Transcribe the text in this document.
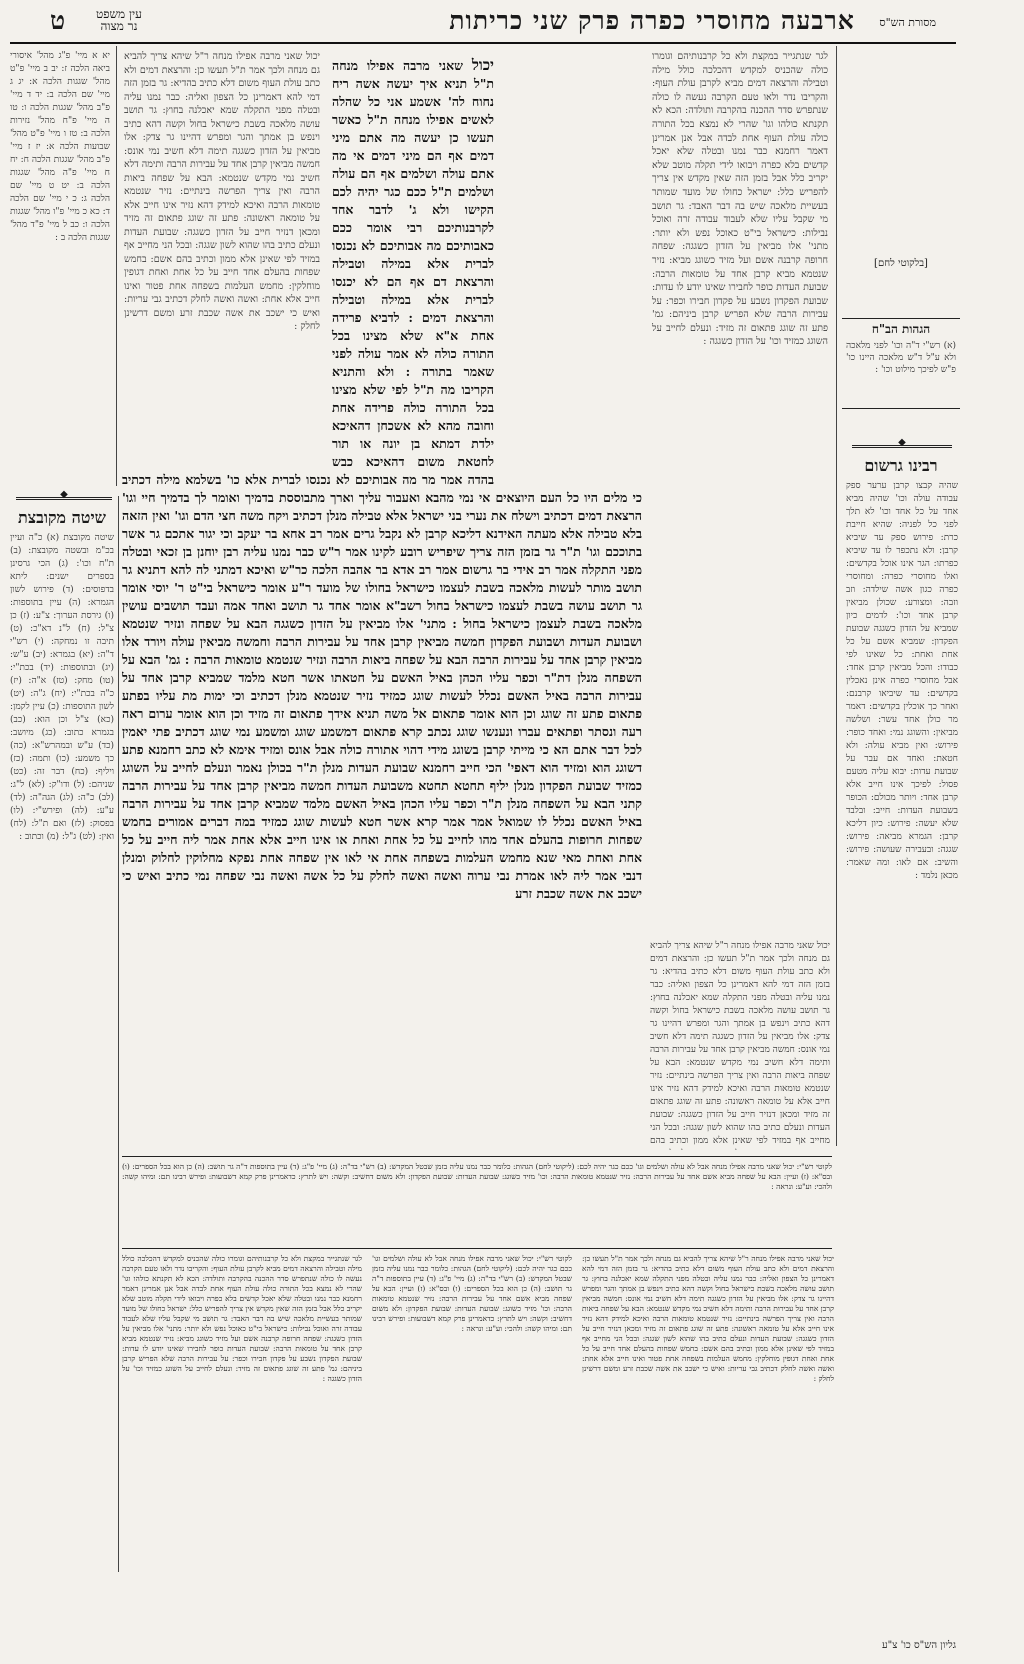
ארבעה מחוסרי כפרה פרק שני כריתות
ט	עין משפט
נר מצוה	מסורת הש"ס
יא א מיי' פ"ג מהל' איסורי ביאה הלכה ז: יב ב מיי' פ"ט מהל' שגגות הלכה א: יג ג מיי' שם הלכה ב: יד ד מיי' פ"ב מהל' שגגות הלכה ו: טו ה מיי' פ"ח מהל' נזירות הלכה ב: טז ו מיי' פ"ט מהל' שבועות הלכה א: יז ז מיי' פ"ב מהל' שגגות הלכה ח: יח ח מיי' פ"ה מהל' שגגות הלכה ב: יט ט מיי' שם הלכה ג: כ י מיי' שם הלכה ד: כא כ מיי' פ"ו מהל' שגגות הלכה ו: כב ל מיי' פ"ד מהל' שגגות הלכה ב :
◆
שיטה מקובצת
שיטה מקובצת (א) כ"ה ועיין בכ"מ ובשטה מקובצת: (ב) ת"ח וכו': (ג) הכי גרסינן בספרים ישנים: ליתא בדפוסים: (ד) פירוש לשון הגמרא: (ה) עיין בתוספות: (ו) גירסת הערוך: צ"ע: (ז) כן צ"ל: (ח) ל"נ דא"כ: (ט) תיבה זו נמחקה: (י) רש"י ד"ה: (יא) בגמרא: (יב) ע"ש: (יג) ובתוספות: (יד) בכת"י: (טו) מחק: (טז) א"ה: (יז) כ"ה בכת"י: (יח) ג"ה: (יט) לשון התוספות: (כ) עיין לקמן: (כא) צ"ל וכן הוא: (כב) בגמרא כתוב: (כג) מיושב: (כד) ע"ש ובמהרש"א: (כה) כך משמע: (כו) ותמה: (כז) ויליף: (כח) דבר זה: (כט) שניהם: (ל) ודו"ק: (לא) ל"ג: (לב) כ"ה: (לג) הגה"ה: (לד) ע"ע: (לה) ופירש"י: (לו) בפסוק: (לז) ואם ת"ל: (לח) ואין: (לט) ג"ל: (מ) וכתוב :
יכול שאני מרבה אפילו מנחה ר"ל שיהא צריך להביא גם מנחה ולכך אמר ת"ל תעשו כן: והרצאת דמים ולא כתב עולת העוף משום דלא כתיב בהדיא: גר בזמן הזה דמי להא דאמרינן כל הצפון ואליה: כבר נמנו עליה ובטלה מפני התקלה שמא יאכלנה בחוץ: גר תושב עושה מלאכה בשבת כישראל בחול וקשה דהא כתיב וינפש בן אמתך והגר ומפרש דהיינו גר צדק: אלו מביאין על הזדון כשגגה תימה דלא חשיב נמי אונס: חמשה מביאין קרבן אחד על עבירות הרבה ותימה דלא חשיב נמי מקדש שנטמא: הבא על שפחה ביאות הרבה ואין צריך הפרשה בינתיים: נזיר שנטמא טומאות הרבה ואיכא למידק דהא נזיר אינו חייב אלא על טומאה ראשונה: פתע זה שוגג פתאום זה מזיד ומכאן דנזיר חייב על הזדון כשגגה: שבועת העדות ונעלם כתיב בהו שהוא לשון שגגה: ובכל הני מחייב אף במזיד לפי שאינן אלא ממון וכתיב בהם אשם: בחמש שפחות בהעלם אחד חייב על כל אחת ואחת דגופין מוחלקין: מחמש העלמות בשפחה אחת פטור ואינו חייב אלא אחת: ואשה ואשה לחלק דכתיב גבי עריות: ואיש כי ישכב את אשה שכבת זרע ומשם דרשינן לחלק :

יכול שאני מרבה אפילו מנחה ת"ל תניא איך יעשה אשה ריח נחוח לה' אשמע אני כל שהלה לאשים אפילו מנחה ת"ל כאשר תעשו כן יעשה מה אתם מיני דמים אף הם מיני דמים אי מה אתם עולה ושלמים אף הם עולה ושלמים ת"ל ככם כגר יהיה לכם הקישו ולא ג' לדבר אחד לקרבנותיכם רבי אומר ככם כאבותיכם מה אבותיכם לא נכנסו לברית אלא במילה וטבילה והרצאת דם אף הם לא יכנסו לברית אלא במילה וטבילה והרצאת דמים : לדביא פרידה אחת א"א שלא מצינו בכל התורה כולה לא אמר עולה לפני שאמר בתורה : ולא והתניא הקריבו מה ת"ל לפי שלא מצינו בכל התורה כולה פרידה אחת וחובה מהא לא אשכחן דהאיכא ילדת דמתא בן יונה או תור לחטאת משום דהאיכא כבש בהדה אמר מר מה אבותיכם לא נכנסו לברית אלא כו' בשלמא מילה דכתיב כי מלים היו כל העם היוצאים אי נמי מהבא ואעבור עליך וארך מתבוססת בדמיך ואומר לך בדמיך חיי וגו' הרצאת דמים דכתיב וישלח את נערי בני ישראל אלא טבילה מנלן דכתיב ויקח משה חצי הדם וגו' ואין הזאה בלא טבילה אלא מעתה האידנא דליכא קרבן לא נקבל גרים אמר רב אחא בר יעקב וכי יגור אתכם גר אשר בתוככם וגו' ת"ר גר בזמן הזה צריך שיפריש רובע לקינו אמר ר"ש כבר נמנו עליה רבן יוחנן בן זכאי ובטלה מפני התקלה אמר רב אידי בר גרשום אמר רב אדא בר אהבה הלכה כר"ש ואיכא דמתני לה להא דתניא גר תושב מותר לעשות מלאכה בשבת לעצמו כישראל בחולו של מועד ר"ע אומר כישראל בי"ט ר' יוסי אומר גר תושב עושה בשבת לעצמו כישראל בחול רשב"א אומר אחד גר תושב ואחד אמה ועבד תושבים עושין מלאכה בשבת לעצמן כישראל בחול : מתני' אלו מביאין על הזדון כשגגה הבא על שפחה ונזיר שנטמא ושבועת העדות ושבועת הפקדון חמשה מביאין קרבן אחד על עבירות הרבה וחמשה מביאין עולה ויורד אלו מביאין קרבן אחד על עבירות הרבה הבא על שפחה ביאות הרבה ונזיר שנטמא טומאות הרבה : גמ' הבא על השפחה מנלן דת"ר וכפר עליו הכהן באיל האשם על חטאתו אשר חטא מלמד שמביא קרבן אחד על עבירות הרבה באיל האשם נכלל לעשות שוגג כמזיד נזיר שנטמא מנלן דכתיב וכי ימות מת עליו בפתע פתאום פתע זה שוגג וכן הוא אומר פתאום אל משה תניא אידך פתאום זה מזיד וכן הוא אומר ערום ראה רעה ונסתר ופתאים עברו ונענשו שוגג נכתב קרא פתאום דמשמע שוגג ומשמע נמי שוגג דכתיב פתי יאמין לכל דבר אתם הא כי מייתי קרבן בשוגג מידי דהוי אתורה כולה אבל אונס ומזיד אימא לא כתב רחמנא פתע דשוגג הוא ומזיד הוא דאפי' הכי חייב רחמנא שבועת העדות מנלן ת"ר בכולן נאמר ונעלם לחייב על השוגג כמזיד שבועת הפקדון מנלן יליף תחטא תחטא משבועת העדות חמשה מביאין קרבן אחד על עבירות הרבה קתני הבא על השפחה מנלן ת"ר וכפר עליו הכהן באיל האשם מלמד שמביא קרבן אחד על עבירות הרבה באיל האשם נכלל לו שמואל אמר אמר קרא אשר חטא לעשות שוגג כמזיד במה דברים אמורים בחמש שפחות חרופות בהעלם אחד מהו לחייב על כל אחת ואחת או אינו חייב אלא אחת אמר ליה חייב על כל אחת ואחת מאי שנא מחמש העלמות בשפחה אחת אי לאו אין שפחה אחת נפקא מחלוקין לחלוק ומנלן דנבי אמר ליה לאו אמרת נבי ערוה ואשה ואשה לחלק על כל אשה ואשה נבי שפחה נמי כתיב ואיש כי ישכב את אשה שכבת זרע

לגר שנתגייר במקצת ולא כל קרבנותיהם וגומרו כולה שהכניס למקדש דהכלכה כולל מילה וטבילה והרצאה דמים מביא לקרבן עולת העוף: והקריבו נדר ולאו טעם הקרבה נעשה לו כולה שנתפרש סדר ההכנה בהקרבה ותולדה: הכא לא תקנתא כולהו וגו' שהרי לא נמצא בכל התורה כולה עולת העוף אחת לבדה אבל אנן אמרינן דאמר רחמנא כבר נמנו ובטלה שלא יאכל קדשים בלא כפרה ויבואו לידי תקלה מוטב שלא יקריב כלל אבל בזמן הזה שאין מקדש אין צריך להפריש כלל: ישראל כחולו של מועד שמותר בעשיית מלאכה שיש בה דבר האבד: גר תושב מי שקבל עליו שלא לעבוד עבודה זרה ואוכל נבילות: כישראל בי"ט כאוכל נפש ולא יותר: מתני' אלו מביאין על הזדון כשגגה: שפחה חרופה קרבנה אשם ועל מזיד כשוגג מביא: נזיר שנטמא מביא קרבן אחד על טומאות הרבה: שבועת העדות כופר לחבירו שאינו יודע לו עדות: שבועת הפקדון נשבע על פקדון חבירו וכפר: על עבירות הרבה שלא הפריש קרבן ביניהם: גמ' פתע זה שוגג פתאום זה מזיד: ונעלם לחייב על השוגג כמזיד וכו' על הזדון כשגגה :
[בלקוטי לחם]
הגהות הב"ח
(א) רש"י ד"ה וכו' לפני מלאכה ולא ע"ל ד"ש מלאכה היינו כו' פ"ש לפיכך מילוט וכו' :
◆
רבינו גרשום
שהיה קבצו קרבן ערער ספק עבודה עולה וכו' שהיה מביא אחד על כל אחד וכו' לא תלך לפני כל לפניה: שהיא חייבת כרת: פירוש ספק עד שיביא קרבן: ולא נתכפר לו עד שיביא כפרתו: הגר אינו אוכל בקדשים: ואלו מחוסרי כפרה: ומחוסרי כפרה כגון אשה שילדה: וזב וזבה: ומצורע: שכולן מביאין קרבן אחד וכו': לדמים כיון שמביא על הזדון כשגגה שבועת הפקדון: שמביא אשם על כל אחת ואחת: כל שאינו לפי כבודו: והכל מביאין קרבן אחד: אבל מחוסרי כפרה אינן נאכלין בקדשים: עד שיביאו קרבנם: ואחר כך אוכלין בקדשים: דאמר מר כולן אחד עשר: ושלשה מביאין: והשוגג נמי: ואחד כופר: פירוש: ואין מביא עולה: ולא חטאת: ואחד אם עבר על שבועת עדות: יבוא עליה מטעם פסול: לפיכך אינו חייב אלא קרבן אחד: ויותר מכולם: הכופר בשבועת העדות: חייב: ובלבד שלא יעשה: פירוש: כיון דליכא קרבן: הגמרא מביאה: פירוש: שגגה: ובעבירה שעושה: פירוש: והשיב: אם לאו: ומה שאמר: מכאן נלמד :
יכול שאני מרבה אפילו מנחה ר"ל שיהא צריך להביא גם מנחה ולכך אמר ת"ל תעשו כן: והרצאת דמים ולא כתב עולת העוף משום דלא כתיב בהדיא: גר בזמן הזה דמי להא דאמרינן כל הצפון ואליה: כבר נמנו עליה ובטלה מפני התקלה שמא יאכלנה בחוץ: גר תושב עושה מלאכה בשבת כישראל בחול וקשה דהא כתיב וינפש בן אמתך והגר ומפרש דהיינו גר צדק: אלו מביאין על הזדון כשגגה תימה דלא חשיב נמי אונס: חמשה מביאין קרבן אחד על עבירות הרבה ותימה דלא חשיב נמי מקדש שנטמא: הבא על שפחה ביאות הרבה ואין צריך הפרשה בינתיים: נזיר שנטמא טומאות הרבה ואיכא למידק דהא נזיר אינו חייב אלא על טומאה ראשונה: פתע זה שוגג פתאום זה מזיד ומכאן דנזיר חייב על הזדון כשגגה: שבועת העדות ונעלם כתיב בהו שהוא לשון שגגה: ובכל הני מחייב אף במזיד לפי שאינן אלא ממון וכתיב בהם
לקוטי רש"י: יכול שאני מרבה אפילו מנחה אבל לא עולה ושלמים וגו' ככם כגר יהיה לכם: (ליקוטי לחם) הגהות: כלומר כבר נמנו עליה בזמן שבטל המקדש: (ב) רש"י בד"ה: (ג) מיי' פ"ג: (ד) עיין בתוספות ד"ה גר תושב: (ה) כן הוא בכל הספרים: (ו) ובס"א: (ז) ועיין: הבא על שפחה מביא אשם אחד על עבירות הרבה: נזיר שנטמא טומאות הרבה: וכו' מזיד כשוגג: שבועת העדות: שבועת הפקדון: ולא משום דחשיב: וקשה: ויש לתרץ: כדאמרינן פרק קמא דשבועות: ופירש רבינו תם: ומיהו קשה: ולהכי: וע"ע: ונראה :
לגר שנתגייר במקצת ולא כל קרבנותיהם וגומרו כולה שהכניס למקדש דהכלכה כולל מילה וטבילה והרצאה דמים מביא לקרבן עולת העוף: והקריבו נדר ולאו טעם הקרבה נעשה לו כולה שנתפרש סדר ההכנה בהקרבה ותולדה: הכא לא תקנתא כולהו וגו' שהרי לא נמצא בכל התורה כולה עולת העוף אחת לבדה אבל אנן אמרינן דאמר רחמנא כבר נמנו ובטלה שלא יאכל קדשים בלא כפרה ויבואו לידי תקלה מוטב שלא יקריב כלל אבל בזמן הזה שאין מקדש אין צריך להפריש כלל: ישראל כחולו של מועד שמותר בעשיית מלאכה שיש בה דבר האבד: גר תושב מי שקבל עליו שלא לעבוד עבודה זרה ואוכל נבילות: כישראל בי"ט כאוכל נפש ולא יותר: מתני' אלו מביאין על הזדון כשגגה: שפחה חרופה קרבנה אשם ועל מזיד כשוגג מביא: נזיר שנטמא מביא קרבן אחד על טומאות הרבה: שבועת העדות כופר לחבירו שאינו יודע לו עדות: שבועת הפקדון נשבע על פקדון חבירו וכפר: על עבירות הרבה שלא הפריש קרבן ביניהם: גמ' פתע זה שוגג פתאום זה מזיד: ונעלם לחייב על השוגג כמזיד וכו' על הזדון כשגגה :
לקוטי רש"י: יכול שאני מרבה אפילו מנחה אבל לא עולה ושלמים וגו' ככם כגר יהיה לכם: (ליקוטי לחם) הגהות: כלומר כבר נמנו עליה בזמן שבטל המקדש: (ב) רש"י בד"ה: (ג) מיי' פ"ג: (ד) עיין בתוספות ד"ה גר תושב: (ה) כן הוא בכל הספרים: (ו) ובס"א: (ז) ועיין: הבא על שפחה מביא אשם אחד על עבירות הרבה: נזיר שנטמא טומאות הרבה: וכו' מזיד כשוגג: שבועת העדות: שבועת הפקדון: ולא משום דחשיב: וקשה: ויש לתרץ: כדאמרינן פרק קמא דשבועות: ופירש רבינו תם: ומיהו קשה: ולהכי: וע"ע: ונראה :
יכול שאני מרבה אפילו מנחה ר"ל שיהא צריך להביא גם מנחה ולכך אמר ת"ל תעשו כן: והרצאת דמים ולא כתב עולת העוף משום דלא כתיב בהדיא: גר בזמן הזה דמי להא דאמרינן כל הצפון ואליה: כבר נמנו עליה ובטלה מפני התקלה שמא יאכלנה בחוץ: גר תושב עושה מלאכה בשבת כישראל בחול וקשה דהא כתיב וינפש בן אמתך והגר ומפרש דהיינו גר צדק: אלו מביאין על הזדון כשגגה תימה דלא חשיב נמי אונס: חמשה מביאין קרבן אחד על עבירות הרבה ותימה דלא חשיב נמי מקדש שנטמא: הבא על שפחה ביאות הרבה ואין צריך הפרשה בינתיים: נזיר שנטמא טומאות הרבה ואיכא למידק דהא נזיר אינו חייב אלא על טומאה ראשונה: פתע זה שוגג פתאום זה מזיד ומכאן דנזיר חייב על הזדון כשגגה: שבועת העדות ונעלם כתיב בהו שהוא לשון שגגה: ובכל הני מחייב אף במזיד לפי שאינן אלא ממון וכתיב בהם אשם: בחמש שפחות בהעלם אחד חייב על כל אחת ואחת דגופין מוחלקין: מחמש העלמות בשפחה אחת פטור ואינו חייב אלא אחת: ואשה ואשה לחלק דכתיב גבי עריות: ואיש כי ישכב את אשה שכבת זרע ומשם דרשינן לחלק :
גליון הש"ס כו' צ"ע
